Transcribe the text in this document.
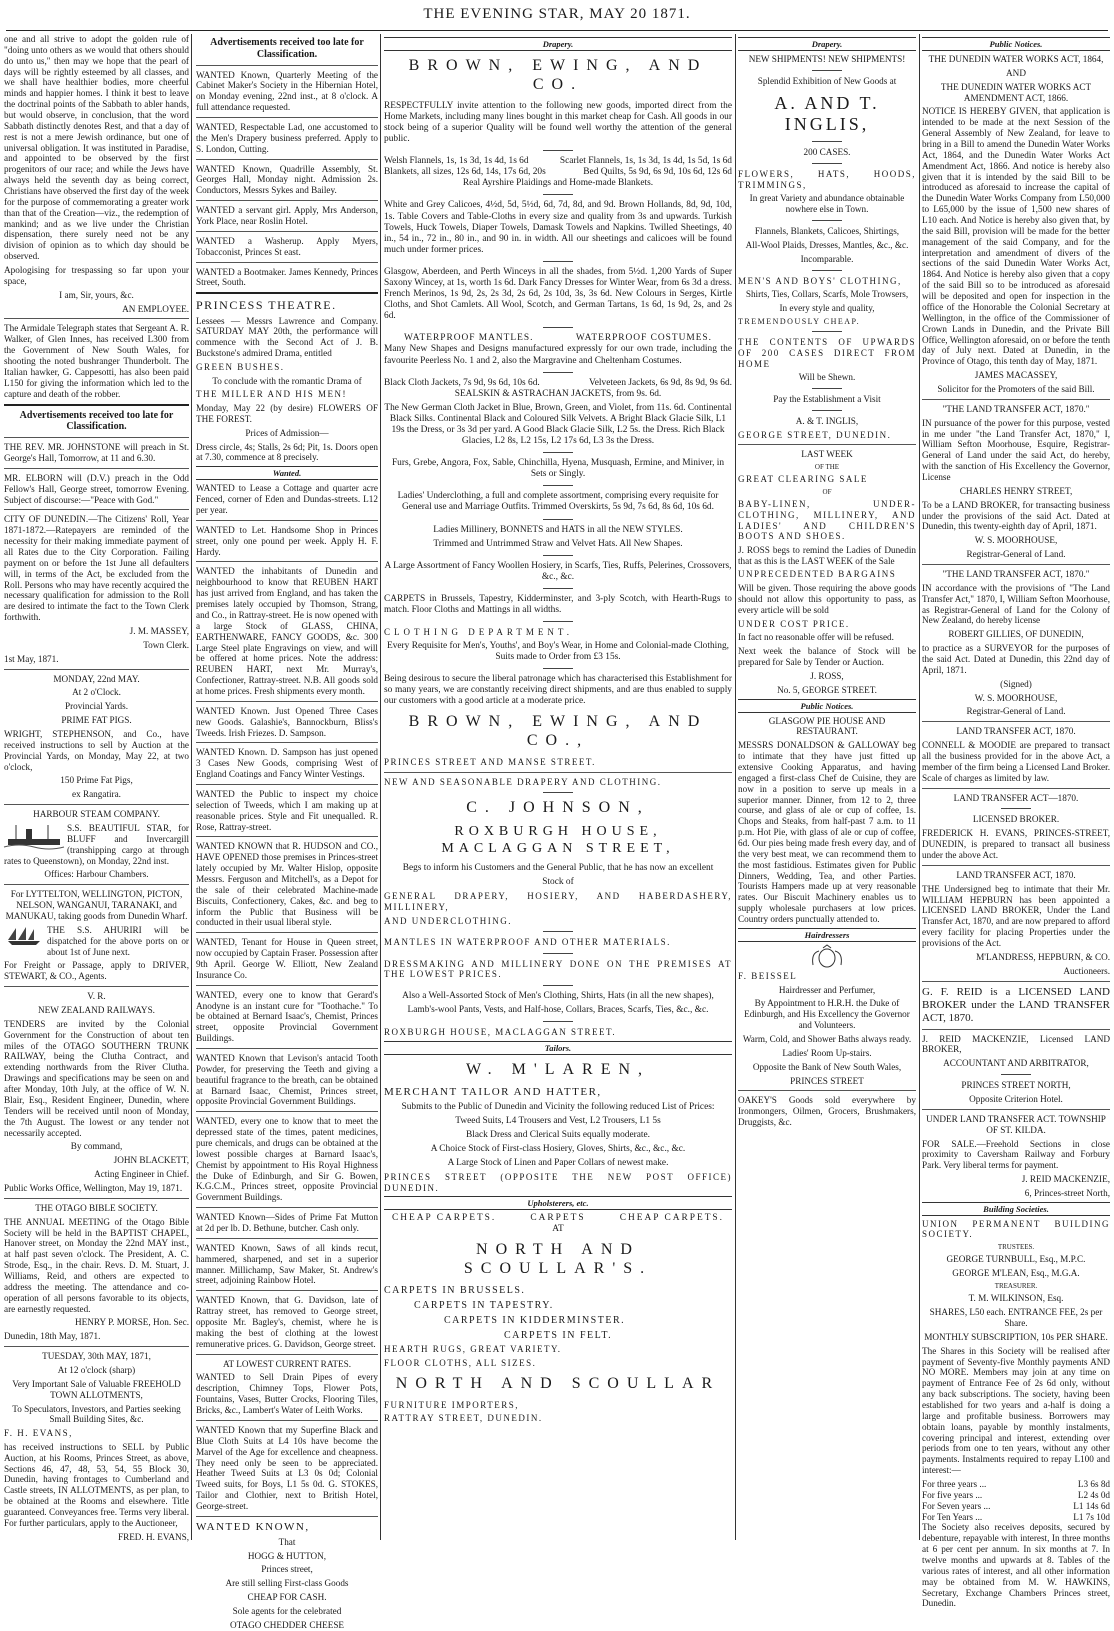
THE EVENING STAR, MAY 20 1871.

one and all strive to adopt the golden rule of "doing unto others as we would that others should do unto us," then may we hope that the pearl of days will be rightly esteemed by all classes, and we shall have healthier bodies, more cheerful minds and happier homes. I think it best to leave the doctrinal points of the Sabbath to abler hands, but would observe, in conclusion, that the word Sabbath distinctly denotes Rest, and that a day of rest is not a mere Jewish ordinance, but one of universal obligation. It was instituted in Paradise, and appointed to be observed by the first progenitors of our race; and while the Jews have always held the seventh day as being correct, Christians have observed the first day of the week for the purpose of commemorating a greater work than that of the Creation—viz., the redemption of mankind; and as we live under the Christian dispensation, there surely need not be any division of opinion as to which day should be observed.

Apologising for trespassing so far upon your space,

I am, Sir, yours, &c.

AN EMPLOYEE.

The Armidale Telegraph states that Sergeant A. R. Walker, of Glen Innes, has received L300 from the Government of New South Wales, for shooting the noted bushranger Thunderbolt. The Italian hawker, G. Cappesotti, has also been paid L150 for giving the information which led to the capture and death of the robber.

Advertisements received too late for Classification.

THE REV. MR. JOHNSTONE will preach in St. George's Hall, Tomorrow, at 11 and 6.30.

MR. ELBORN will (D.V.) preach in the Odd Fellow's Hall, George street, tomorrow Evening. Subject of discourse:—"Peace with God."

CITY OF DUNEDIN.—The Citizens' Roll, Year 1871-1872.—Ratepayers are reminded of the necessity for their making immediate payment of all Rates due to the City Corporation. Failing payment on or before the 1st June all defaulters will, in terms of the Act, be excluded from the Roll. Persons who may have recently acquired the necessary qualification for admission to the Roll are desired to intimate the fact to the Town Clerk forthwith.

J. M. MASSEY,

Town Clerk.

1st May, 1871.

MONDAY, 22nd MAY.

At 2 o'Clock.

Provincial Yards.

PRIME FAT PIGS.

WRIGHT, STEPHENSON, and Co., have received instructions to sell by Auction at the Provincial Yards, on Monday, May 22, at two o'clock,

150 Prime Fat Pigs,

ex Rangatira.

HARBOUR STEAM COMPANY.

S.S. BEAUTIFUL STAR, for BLUFF and Invercargill (transhipping cargo at through rates to Queenstown), on Monday, 22nd inst.

Offices: Harbour Chambers.

For LYTTELTON, WELLINGTON, PICTON, NELSON, WANGANUI, TARANAKI, and MANUKAU, taking goods from Dunedin Wharf.

THE S.S. AHURIRI will be dispatched for the above ports on or about 1st of June next.

For Freight or Passage, apply to DRIVER, STEWART, & CO., Agents.

V. R.

NEW ZEALAND RAILWAYS.

TENDERS are invited by the Colonial Government for the Construction of about ten miles of the OTAGO SOUTHERN TRUNK RAILWAY, being the Clutha Contract, and extending northwards from the River Clutha. Drawings and specifications may be seen on and after Monday, 10th July, at the office of W. N. Blair, Esq., Resident Engineer, Dunedin, where Tenders will be received until noon of Monday, the 7th August. The lowest or any tender not necessarily accepted.

By command,

JOHN BLACKETT,

Acting Engineer in Chief.

Public Works Office, Wellington, May 19, 1871.

THE OTAGO BIBLE SOCIETY.

THE ANNUAL MEETING of the Otago Bible Society will be held in the BAPTIST CHAPEL, Hanover street, on Monday the 22nd MAY inst., at half past seven o'clock. The President, A. C. Strode, Esq., in the chair. Revs. D. M. Stuart, J. Williams, Reid, and others are expected to address the meeting. The attendance and co-operation of all persons favorable to its objects, are earnestly requested.

HENRY P. MORSE, Hon. Sec.

Dunedin, 18th May, 1871.

TUESDAY, 30th MAY, 1871,

At 12 o'clock (sharp)

Very Important Sale of Valuable FREEHOLD TOWN ALLOTMENTS,

To Speculators, Investors, and Parties seeking Small Building Sites, &c.

F. H. EVANS,

has received instructions to SELL by Public Auction, at his Rooms, Princes Street, as above, Sections 46, 47, 48, 53, 54, 55 Block 30, Dunedin, having frontages to Cumberland and Castle streets, IN ALLOTMENTS, as per plan, to be obtained at the Rooms and elsewhere. Title guaranteed. Conveyances free. Terms very liberal. For further particulars, apply to the Auctioneer,

FRED. H. EVANS,

Advertisements received too late for Classification.

WANTED Known, Quarterly Meeting of the Cabinet Maker's Society in the Hibernian Hotel, on Monday evening, 22nd inst., at 8 o'clock. A full attendance requested.

WANTED, Respectable Lad, one accustomed to the Men's Drapery business preferred. Apply to S. London, Cutting.

WANTED Known, Quadrille Assembly, St. Georges Hall, Monday night. Admission 2s. Conductors, Messrs Sykes and Bailey.

WANTED a servant girl. Apply, Mrs Anderson, York Place, near Roslin Hotel.

WANTED a Washerup. Apply Myers, Tobacconist, Princes St east.

WANTED a Bootmaker. James Kennedy, Princes Street, South.

PRINCESS THEATRE.

Lessees — Messrs Lawrence and Company. SATURDAY MAY 20th, the performance will commence with the Second Act of J. B. Buckstone's admired Drama, entitled

GREEN BUSHES.

To conclude with the romantic Drama of

THE MILLER AND HIS MEN!

Monday, May 22 (by desire) FLOWERS OF THE FOREST.

Prices of Admission—

Dress circle, 4s; Stalls, 2s 6d; Pit, 1s. Doors open at 7.30, commence at 8 precisely.

Wanted.

WANTED to Lease a Cottage and quarter acre Fenced, corner of Eden and Dundas-streets. L12 per year.

WANTED to Let. Handsome Shop in Princes street, only one pound per week. Apply H. F. Hardy.

WANTED the inhabitants of Dunedin and neighbourhood to know that REUBEN HART has just arrived from England, and has taken the premises lately occupied by Thomson, Strang, and Co., in Rattray-street. He is now opened with a large Stock of GLASS, CHINA, EARTHENWARE, FANCY GOODS, &c. 300 Large Steel plate Engravings on view, and will be offered at home prices. Note the address: REUBEN HART, next Mr. Murray's, Confectioner, Rattray-street. N.B. All goods sold at home prices. Fresh shipments every month.

WANTED Known. Just Opened Three Cases new Goods. Galashie's, Bannockburn, Bliss's Tweeds. Irish Friezes. D. Sampson.

WANTED Known. D. Sampson has just opened 3 Cases New Goods, comprising West of England Coatings and Fancy Winter Vestings.

WANTED the Public to inspect my choice selection of Tweeds, which I am making up at reasonable prices. Style and Fit unequalled. R. Rose, Rattray-street.

WANTED KNOWN that R. HUDSON and CO., HAVE OPENED those premises in Princes-street lately occupied by Mr. Walter Hislop, opposite Messrs. Ferguson and Mitchell's, as a Depot for the sale of their celebrated Machine-made Biscuits, Confectionery, Cakes, &c. and beg to inform the Public that Business will be conducted in their usual liberal style.

WANTED, Tenant for House in Queen street, now occupied by Captain Fraser. Possession after 9th April. George W. Elliott, New Zealand Insurance Co.

WANTED, every one to know that Gerard's Anodyne is an instant cure for "Toothache." To be obtained at Bernard Isaac's, Chemist, Princes street, opposite Provincial Government Buildings.

WANTED Known that Levison's antacid Tooth Powder, for preserving the Teeth and giving a beautiful fragrance to the breath, can be obtained at Barnard Isaac, Chemist, Princes street, opposite Provincial Government Buildings.

WANTED, every one to know that to meet the depressed state of the times, patent medicines, pure chemicals, and drugs can be obtained at the lowest possible charges at Barnard Isaac's, Chemist by appointment to His Royal Highness the Duke of Edinburgh, and Sir G. Bowen, K.G.C.M., Princes street, opposite Provincial Government Buildings.

WANTED Known—Sides of Prime Fat Mutton at 2d per lb. D. Bethune, butcher. Cash only.

WANTED Known, Saws of all kinds recut, hammered, sharpened, and set in a superior manner. Millichamp, Saw Maker, St. Andrew's street, adjoining Rainbow Hotel.

WANTED Known, that G. Davidson, late of Rattray street, has removed to George street, opposite Mr. Bagley's, chemist, where he is making the best of clothing at the lowest remunerative prices. G. Davidson, George street.

AT LOWEST CURRENT RATES.

WANTED to Sell Drain Pipes of every description, Chimney Tops, Flower Pots, Fountains, Vases, Butter Crocks, Flooring Tiles, Bricks, &c., Lambert's Water of Leith Works.

WANTED Known that my Superfine Black and Blue Cloth Suits at L4 10s have become the Marvel of the Age for excellence and cheapness. They need only be seen to be appreciated. Heather Tweed Suits at L3 0s 0d; Colonial Tweed suits, for Boys, L1 5s 0d. G. STOKES, Tailor and Clothier, next to British Hotel, George-street.

WANTED KNOWN,

That

HOGG & HUTTON,

Princes street,

Are still selling First-class Goods

CHEAP FOR CASH.

Sole agents for the celebrated

OTAGO CHEDDER CHEESE

Drapery.
BROWN, EWING, AND CO.

RESPECTFULLY invite attention to the following new goods, imported direct from the Home Markets, including many lines bought in this market cheap for Cash. All goods in our stock being of a superior Quality will be found well worthy the attention of the general public.

Welsh Flannels, 1s, 1s 3d, 1s 4d, 1s 6d	Scarlet Flannels, 1s, 1s 3d, 1s 4d, 1s 5d, 1s 6d
Blankets, all sizes, 12s 6d, 14s, 17s 6d, 20s	Bed Quilts, 5s 9d, 6s 9d, 10s 6d, 12s 6d

Real Ayrshire Plaidings and Home-made Blankets.

White and Grey Calicoes, 4½d, 5d, 5½d, 6d, 7d, 8d, and 9d. Brown Hollands, 8d, 9d, 10d, 1s. Table Covers and Table-Cloths in every size and quality from 3s and upwards. Turkish Towels, Huck Towels, Diaper Towels, Damask Towels and Napkins. Twilled Sheetings, 40 in., 54 in., 72 in., 80 in., and 90 in. in width. All our sheetings and calicoes will be found much under former prices.

Glasgow, Aberdeen, and Perth Winceys in all the shades, from 5½d. 1,200 Yards of Super Saxony Wincey, at 1s, worth 1s 6d. Dark Fancy Dresses for Winter Wear, from 6s 3d a dress. French Merinos, 1s 9d, 2s, 2s 3d, 2s 6d, 2s 10d, 3s, 3s 6d. New Colours in Serges, Kirtle Cloths, and Shot Camlets. All Wool, Scotch, and German Tartans, 1s 6d, 1s 9d, 2s, and 2s 6d.

WATERPROOF MANTLES.	WATERPROOF COSTUMES.

Many New Shapes and Designs manufactured expressly for our own trade, including the favourite Peerless No. 1 and 2, also the Margravine and Cheltenham Costumes.

Black Cloth Jackets, 7s 9d, 9s 6d, 10s 6d.	Velveteen Jackets, 6s 9d, 8s 9d, 9s 6d.

SEALSKIN & ASTRACHAN JACKETS, from 9s. 6d.

The New German Cloth Jacket in Blue, Brown, Green, and Violet, from 11s. 6d. Continental Black Silks. Continental Black and Coloured Silk Velvets. A Bright Black Glacie Silk, L1 19s the Dress, or 3s 3d per yard. A Good Black Glacie Silk, L2 5s. the Dress. Rich Black Glacies, L2 8s, L2 15s, L2 17s 6d, L3 3s the Dress.

Furs, Grebe, Angora, Fox, Sable, Chinchilla, Hyena, Musquash, Ermine, and Miniver, in Sets or Singly.

Ladies' Underclothing, a full and complete assortment, comprising every requisite for General use and Marriage Outfits. Trimmed Overskirts, 5s 9d, 7s 6d, 8s 6d, 10s 6d.

Ladies Millinery, BONNETS and HATS in all the NEW STYLES.

Trimmed and Untrimmed Straw and Velvet Hats. All New Shapes.

A Large Assortment of Fancy Woollen Hosiery, in Scarfs, Ties, Ruffs, Pelerines, Crossovers, &c., &c.

CARPETS in Brussels, Tapestry, Kidderminster, and 3-ply Scotch, with Hearth-Rugs to match. Floor Cloths and Mattings in all widths.

CLOTHING DEPARTMENT.

Every Requisite for Men's, Youths', and Boy's Wear, in Home and Colonial-made Clothing, Suits made to Order from £3 15s.

Being desirous to secure the liberal patronage which has characterised this Establishment for so many years, we are constantly receiving direct shipments, and are thus enabled to supply our customers with a good article at a moderate price.

BROWN, EWING, AND CO.,

PRINCES STREET AND MANSE STREET.

NEW AND SEASONABLE DRAPERY AND CLOTHING.

C. JOHNSON,
ROXBURGH HOUSE, MACLAGGAN STREET,

Begs to inform his Customers and the General Public, that he has now an excellent

Stock of

GENERAL DRAPERY, HOSIERY, AND HABERDASHERY, MILLINERY,

AND UNDERCLOTHING.

MANTLES IN WATERPROOF AND OTHER MATERIALS.

DRESSMAKING AND MILLINERY DONE ON THE PREMISES AT THE LOWEST PRICES.

Also a Well-Assorted Stock of Men's Clothing, Shirts, Hats (in all the new shapes),

Lamb's-wool Pants, Vests, and Half-hose, Collars, Braces, Scarfs, Ties, &c., &c.

ROXBURGH HOUSE, MACLAGGAN STREET.

Tailors.
W. M'LAREN,

MERCHANT TAILOR AND HATTER,

Submits to the Public of Dunedin and Vicinity the following reduced List of Prices:

Tweed Suits, L4 Trousers and Vest, L2 Trousers, L1 5s

Black Dress and Clerical Suits equally moderate.

A Choice Stock of First-class Hosiery, Gloves, Shirts, &c., &c., &c.

A Large Stock of Linen and Paper Collars of newest make.

PRINCES STREET (OPPOSITE THE NEW POST OFFICE) DUNEDIN.

Upholsterers, etc.
CHEAP CARPETS.	CARPETS	CHEAP CARPETS.

AT

NORTH AND SCOULLAR'S.

CARPETS IN BRUSSELS.

CARPETS IN TAPESTRY.

CARPETS IN KIDDERMINSTER.

CARPETS IN FELT.

HEARTH RUGS, GREAT VARIETY.

FLOOR CLOTHS, ALL SIZES.

NORTH AND SCOULLAR

FURNITURE IMPORTERS,

RATTRAY STREET, DUNEDIN.

Drapery.

NEW SHIPMENTS! NEW SHIPMENTS!

Splendid Exhibition of New Goods at

A. AND T. INGLIS,

200 CASES.

FLOWERS, HATS, HOODS, TRIMMINGS,

In great Variety and abundance obtainable nowhere else in Town.

Flannels, Blankets, Calicoes, Shirtings,

All-Wool Plaids, Dresses, Mantles, &c., &c.

Incomparable.

MEN'S AND BOYS' CLOTHING,

Shirts, Ties, Collars, Scarfs, Mole Trowsers,

In every style and quality,

TREMENDOUSLY CHEAP.

THE CONTENTS OF UPWARDS OF 200 CASES DIRECT FROM HOME

Will be Shewn.

Pay the Establishment a Visit

A. & T. INGLIS,

GEORGE STREET, DUNEDIN.

LAST WEEK

OF THE

GREAT CLEARING SALE

OF

BABY-LINEN, UNDER-CLOTHING, MILLINERY, AND LADIES' AND CHILDREN'S BOOTS AND SHOES.

J. ROSS begs to remind the Ladies of Dunedin that as this is the LAST WEEK of the Sale

UNPRECEDENTED BARGAINS

Will be given. Those requiring the above goods should not allow this opportunity to pass, as every article will be sold

UNDER COST PRICE.

In fact no reasonable offer will be refused.

Next week the balance of Stock will be prepared for Sale by Tender or Auction.

J. ROSS,

No. 5, GEORGE STREET.

Public Notices.

GLASGOW PIE HOUSE AND RESTAURANT.

MESSRS DONALDSON & GALLOWAY beg to intimate that they have just fitted up extensive Cooking Apparatus, and having engaged a first-class Chef de Cuisine, they are now in a position to serve up meals in a superior manner. Dinner, from 12 to 2, three course, and glass of ale or cup of coffee, 1s. Chops and Steaks, from half-past 7 a.m. to 11 p.m. Hot Pie, with glass of ale or cup of coffee, 6d. Our pies being made fresh every day, and of the very best meat, we can recommend them to the most fastidious. Estimates given for Public Dinners, Wedding, Tea, and other Parties. Tourists Hampers made up at very reasonable rates. Our Biscuit Machinery enables us to supply wholesale purchasers at low prices. Country orders punctually attended to.

Hairdressers

F. BEISSEL

Hairdresser and Perfumer,

By Appointment to H.R.H. the Duke of Edinburgh, and His Excellency the Governor and Volunteers.

Warm, Cold, and Shower Baths always ready.

Ladies' Room Up-stairs.

Opposite the Bank of New South Wales,

PRINCES STREET

OAKEY'S Goods sold everywhere by Ironmongers, Oilmen, Grocers, Brushmakers, Druggists, &c.

Public Notices.

THE DUNEDIN WATER WORKS ACT, 1864,

AND

THE DUNEDIN WATER WORKS ACT AMENDMENT ACT, 1866.

NOTICE IS HEREBY GIVEN, that application is intended to be made at the next Session of the General Assembly of New Zealand, for leave to bring in a Bill to amend the Dunedin Water Works Act, 1864, and the Dunedin Water Works Act Amendment Act, 1866. And notice is hereby also given that it is intended by the said Bill to be introduced as aforesaid to increase the capital of the Dunedin Water Works Company from L50,000 to L65,000 by the issue of 1,500 new shares of L10 each. And Notice is hereby also given that, by the said Bill, provision will be made for the better management of the said Company, and for the interpretation and amendment of divers of the sections of the said Dunedin Water Works Act, 1864. And Notice is hereby also given that a copy of the said Bill so to be introduced as aforesaid will be deposited and open for inspection in the office of the Honorable the Colonial Secretary at Wellington, in the office of the Commissioner of Crown Lands in Dunedin, and the Private Bill Office, Wellington aforesaid, on or before the tenth day of July next. Dated at Dunedin, in the Province of Otago, this tenth day of May, 1871.

JAMES MACASSEY,

Solicitor for the Promoters of the said Bill.

"THE LAND TRANSFER ACT, 1870."

IN pursuance of the power for this purpose, vested in me under "the Land Transfer Act, 1870," I, William Sefton Moorhouse, Esquire, Registrar-General of Land under the said Act, do hereby, with the sanction of His Excellency the Governor, License

CHARLES HENRY STREET,

To be a LAND BROKER, for transacting business under the provisions of the said Act. Dated at Dunedin, this twenty-eighth day of April, 1871.

W. S. MOORHOUSE,

Registrar-General of Land.

"THE LAND TRANSFER ACT, 1870."

IN accordance with the provisions of "The Land Transfer Act," 1870, I, William Sefton Moorhouse, as Registrar-General of Land for the Colony of New Zealand, do hereby license

ROBERT GILLIES, OF DUNEDIN,

to practice as a SURVEYOR for the purposes of the said Act. Dated at Dunedin, this 22nd day of April, 1871.

(Signed)

W. S. MOORHOUSE,

Registrar-General of Land.

LAND TRANSFER ACT, 1870.

CONNELL & MOODIE are prepared to transact all the business provided for in the above Act, a member of the firm being a Licensed Land Broker. Scale of charges as limited by law.

LAND TRANSFER ACT—1870.

LICENSED BROKER.

FREDERICK H. EVANS, PRINCES-STREET, DUNEDIN, is prepared to transact all business under the above Act.

LAND TRANSFER ACT, 1870.

THE Undersigned beg to intimate that their Mr. WILLIAM HEPBURN has been appointed a LICENSED LAND BROKER, Under the Land Transfer Act, 1870, and are now prepared to afford every facility for placing Properties under the provisions of the Act.

M'LANDRESS, HEPBURN, & CO.

Auctioneers.

G. F. REID is a LICENSED LAND BROKER under the LAND TRANSFER ACT, 1870.

J. REID MACKENZIE, Licensed LAND BROKER,

ACCOUNTANT AND ARBITRATOR,

PRINCES STREET NORTH,

Opposite Criterion Hotel.

UNDER LAND TRANSFER ACT. TOWNSHIP OF ST. KILDA.

FOR SALE.—Freehold Sections in close proximity to Caversham Railway and Forbury Park. Very liberal terms for payment.

J. REID MACKENZIE,

6, Princes-street North,

Building Societies.

UNION PERMANENT BUILDING SOCIETY.

TRUSTEES.

GEORGE TURNBULL, Esq., M.P.C.

GEORGE M'LEAN, Esq., M.G.A.

TREASURER.

T. M. WILKINSON, Esq.

SHARES, L50 each. ENTRANCE FEE, 2s per Share.

MONTHLY SUBSCRIPTION, 10s PER SHARE.

The Shares in this Society will be realised after payment of Seventy-five Monthly payments AND NO MORE. Members may join at any time on payment of Entrance Fee of 2s 6d only, without any back subscriptions. The society, having been established for two years and a-half is doing a large and profitable business. Borrowers may obtain loans, payable by monthly instalments, covering principal and interest, extending over periods from one to ten years, without any other payments. Instalments required to repay L100 and interest:—

For three years ...	L3 6s 8d
For five years ...	L2 4s 0d
For Seven years ...	L1 14s 6d
For Ten Years ...	L1 7s 10d

The Society also receives deposits, secured by debenture, repayable with interest, In three months at 6 per cent per annum. In six months at 7. In twelve months and upwards at 8. Tables of the various rates of interest, and all other information may be obtained from M. W. HAWKINS, Secretary, Exchange Chambers Princes street, Dunedin.
